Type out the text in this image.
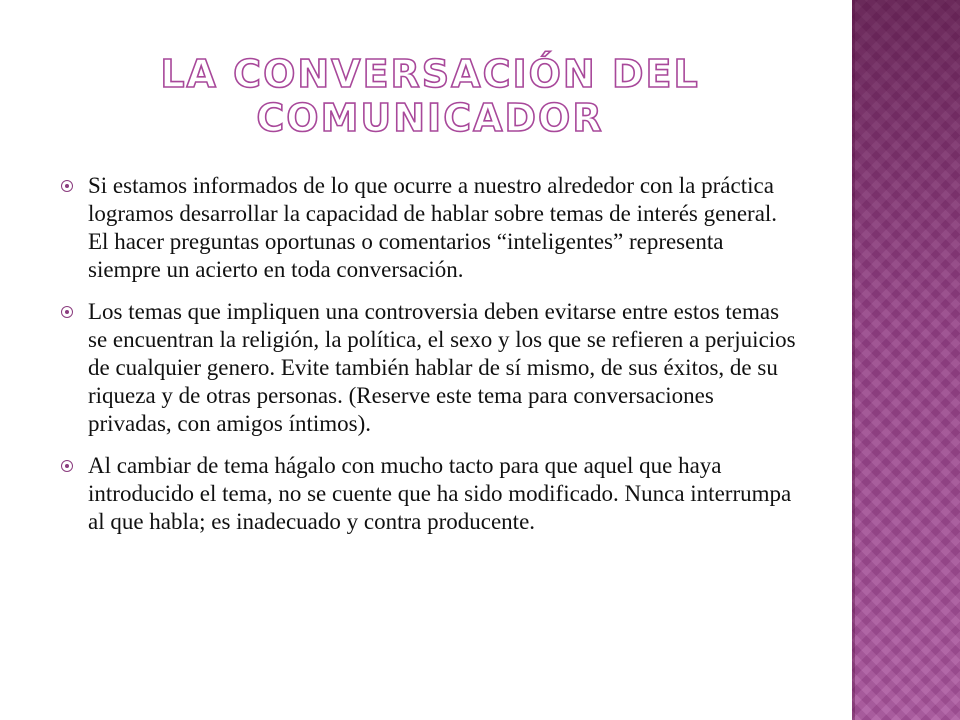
LA CONVERSACIÓN DEL COMUNICADOR
Si estamos informados de lo que ocurre a nuestro alrededor con la práctica logramos desarrollar la capacidad de hablar sobre temas de interés general. El hacer preguntas oportunas o comentarios “inteligentes” representa siempre un acierto en toda conversación.
Los temas que impliquen una controversia deben evitarse entre estos temas se encuentran la religión, la política, el sexo y los que se refieren a perjuicios de cualquier genero. Evite también hablar de sí mismo, de sus éxitos, de su riqueza y de otras personas. (Reserve este tema para conversaciones privadas, con amigos íntimos).
Al cambiar de tema hágalo con mucho tacto para que aquel que haya introducido el tema, no se cuente que ha sido modificado. Nunca interrumpa al que habla; es inadecuado y contra producente.
